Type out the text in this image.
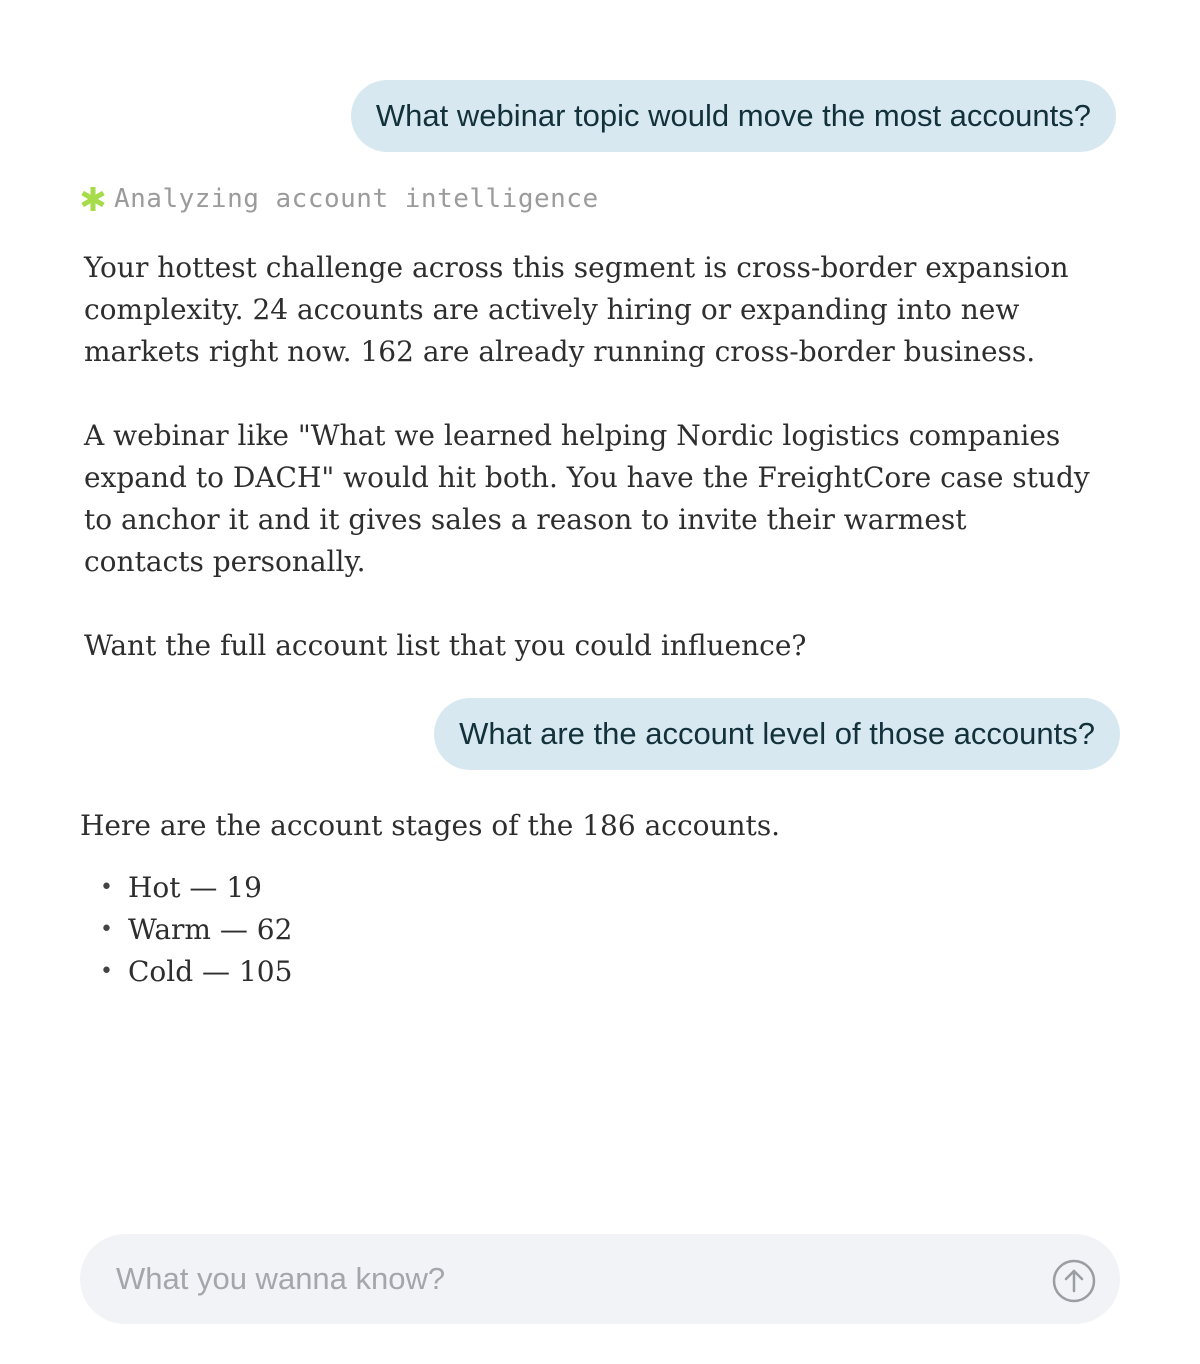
What webinar topic would move the most accounts?
Analyzing account intelligence

Your hottest challenge across this segment is cross-border expansion complexity. 24 accounts are actively hiring or expanding into new markets right now. 162 are already running cross-border business.

A webinar like "What we learned helping Nordic logistics companies expand to DACH" would hit both. You have the FreightCore case study to anchor it and it gives sales a reason to invite their warmest contacts personally.

Want the full account list that you could influence?

What are the account level of those accounts?

Here are the account stages of the 186 accounts.

• Hot — 19
• Warm — 62
• Cold — 105
What you wanna know?
